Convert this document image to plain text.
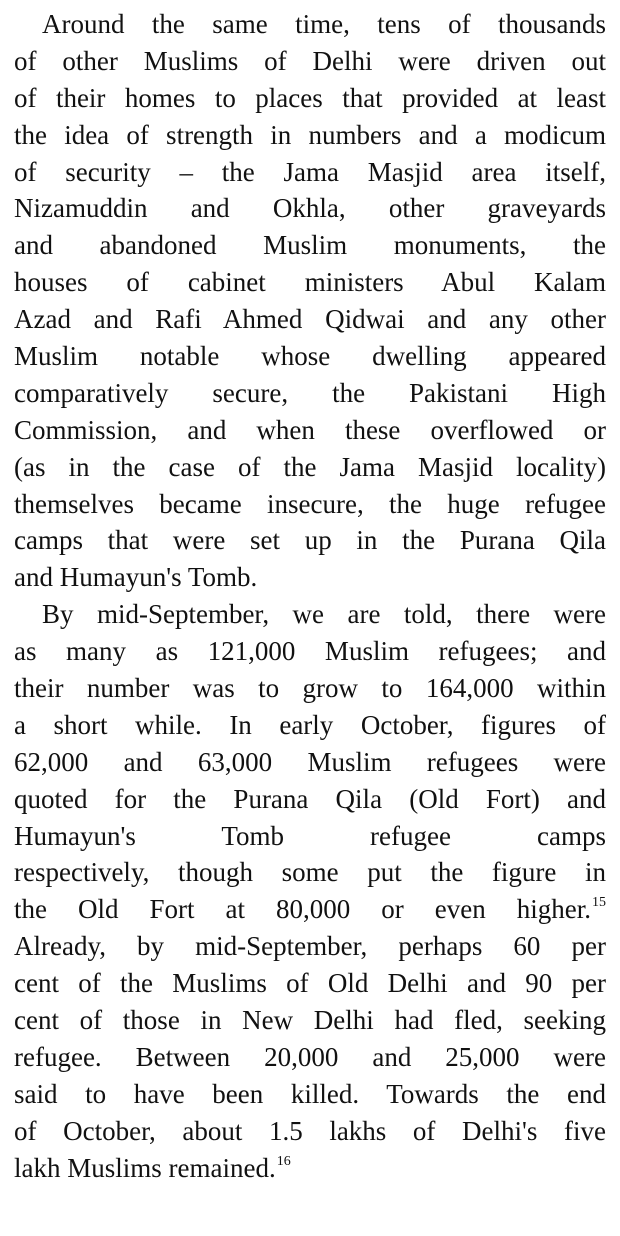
Around the same time, tens of thousands
of other Muslims of Delhi were driven out
of their homes to places that provided at least
the idea of strength in numbers and a modicum
of security – the Jama Masjid area itself,
Nizamuddin and Okhla, other graveyards
and abandoned Muslim monuments, the
houses of cabinet ministers Abul Kalam
Azad and Rafi Ahmed Qidwai and any other
Muslim notable whose dwelling appeared
comparatively secure, the Pakistani High
Commission, and when these overflowed or
(as in the case of the Jama Masjid locality)
themselves became insecure, the huge refugee
camps that were set up in the Purana Qila
and Humayun's Tomb.
By mid-September, we are told, there were
as many as 121,000 Muslim refugees; and
their number was to grow to 164,000 within
a short while. In early October, figures of
62,000 and 63,000 Muslim refugees were
quoted for the Purana Qila (Old Fort) and
Humayun's Tomb refugee camps
respectively, though some put the figure in
the Old Fort at 80,000 or even higher.$^{15}$
Already, by mid-September, perhaps 60 per
cent of the Muslims of Old Delhi and 90 per
cent of those in New Delhi had fled, seeking
refugee. Between 20,000 and 25,000 were
said to have been killed. Towards the end
of October, about 1.5 lakhs of Delhi's five
lakh Muslims remained.$^{16}$
